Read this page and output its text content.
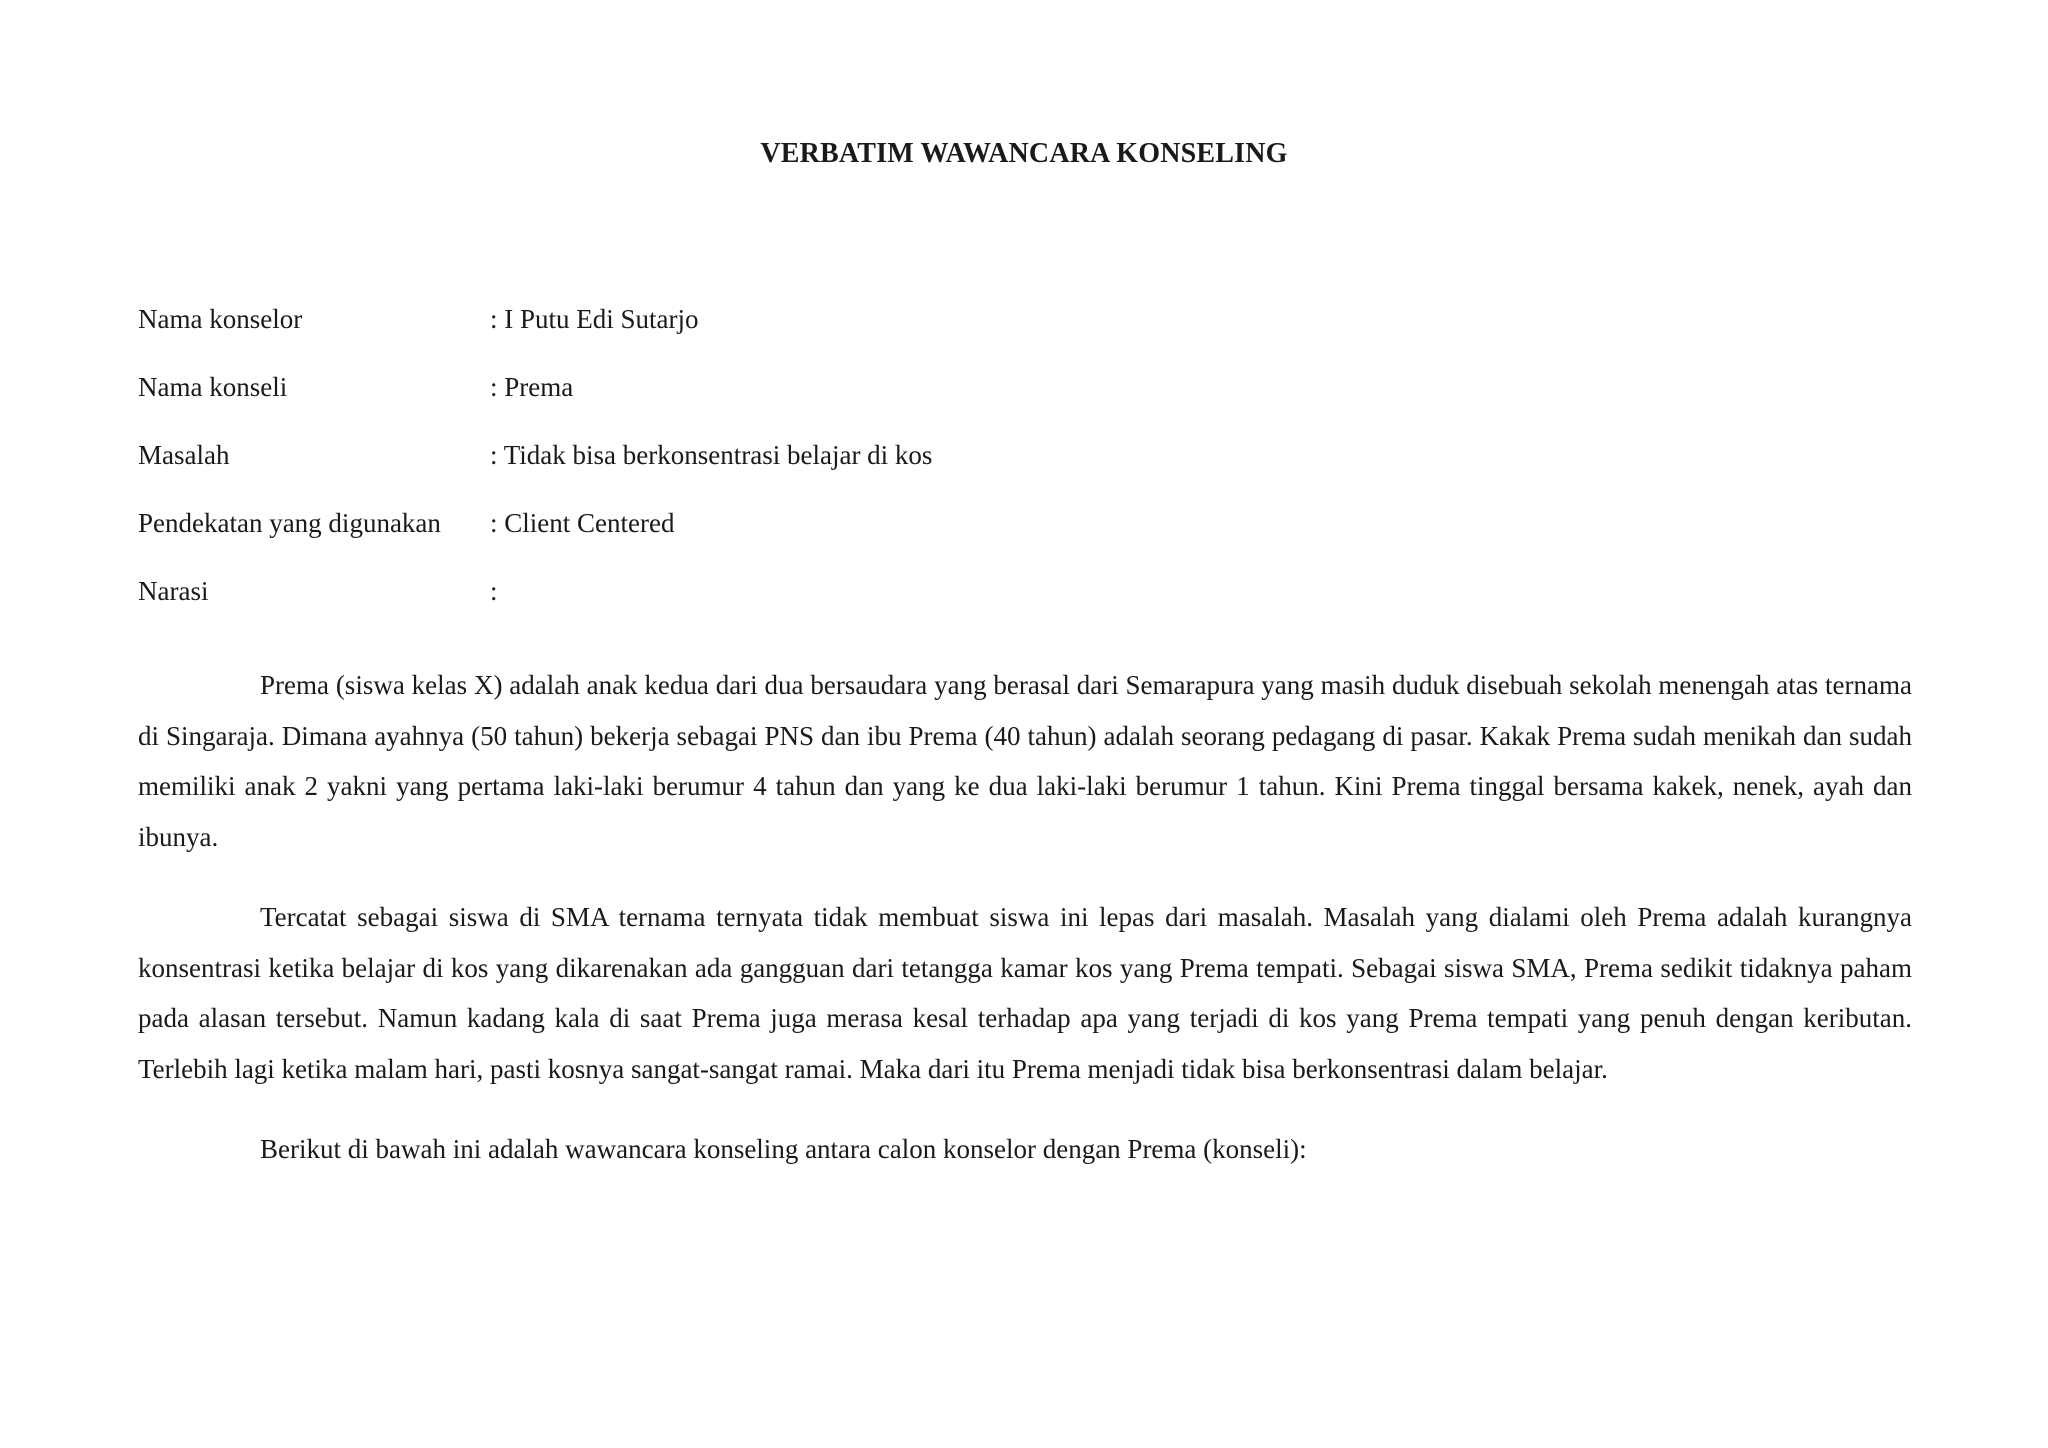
VERBATIM WAWANCARA KONSELING
Nama konselor	: I Putu Edi Sutarjo
Nama konseli	: Prema
Masalah	: Tidak bisa berkonsentrasi belajar di kos
Pendekatan yang digunakan	: Client Centered
Narasi	:

Prema (siswa kelas X) adalah anak kedua dari dua bersaudara yang berasal dari Semarapura yang masih duduk disebuah sekolah menengah atas ternama di Singaraja. Dimana ayahnya (50 tahun) bekerja sebagai PNS dan ibu Prema (40 tahun) adalah seorang pedagang di pasar. Kakak Prema sudah menikah dan sudah memiliki anak 2 yakni yang pertama laki-laki berumur 4 tahun dan yang ke dua laki-laki berumur 1 tahun. Kini Prema tinggal bersama kakek, nenek, ayah dan ibunya.

Tercatat sebagai siswa di SMA ternama ternyata tidak membuat siswa ini lepas dari masalah. Masalah yang dialami oleh Prema adalah kurangnya konsentrasi ketika belajar di kos yang dikarenakan ada gangguan dari tetangga kamar kos yang Prema tempati. Sebagai siswa SMA, Prema sedikit tidaknya paham pada alasan tersebut. Namun kadang kala di saat Prema juga merasa kesal terhadap apa yang terjadi di kos yang Prema tempati yang penuh dengan keributan. Terlebih lagi ketika malam hari, pasti kosnya sangat-sangat ramai. Maka dari itu Prema menjadi tidak bisa berkonsentrasi dalam belajar.

Berikut di bawah ini adalah wawancara konseling antara calon konselor dengan Prema (konseli):
